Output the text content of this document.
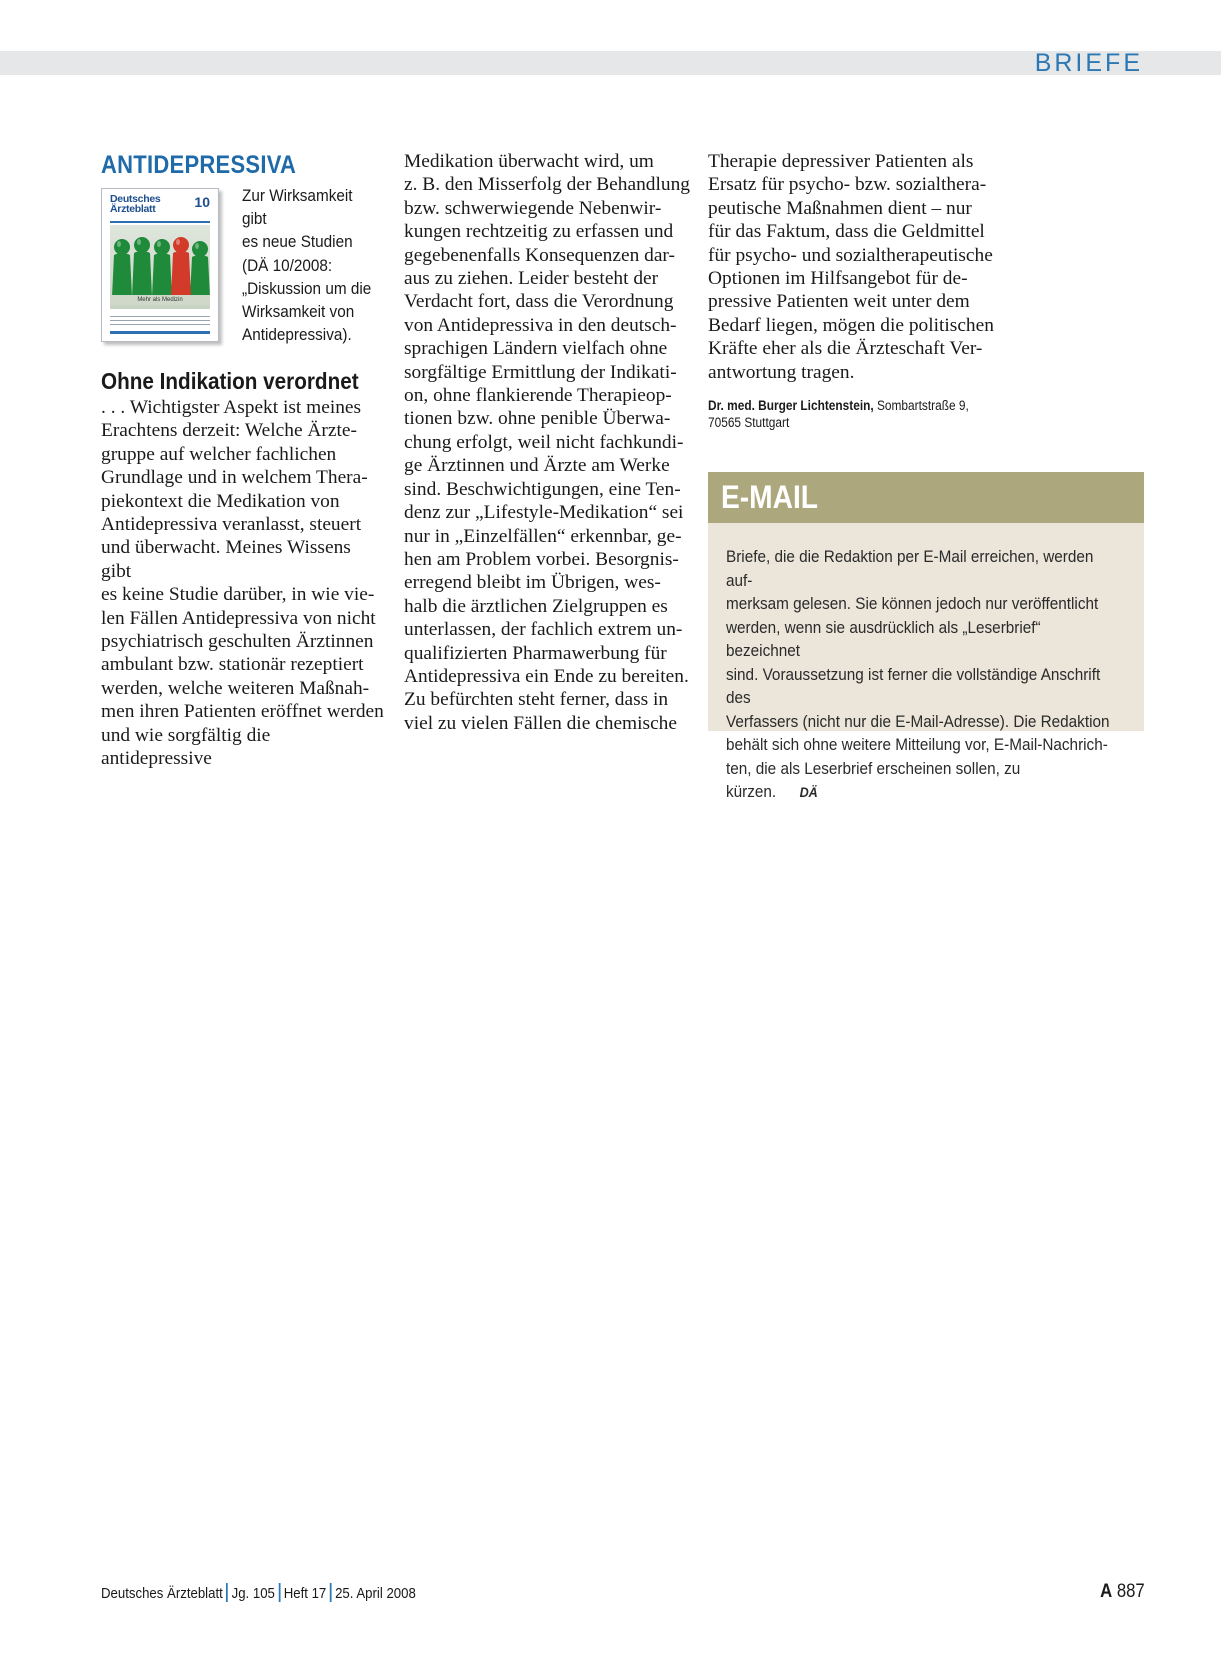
BRIEFE
ANTIDEPRESSIVA
Deutsches
Ärzteblatt	10
Mehr als Medizin

Zur Wirksamkeit gibt
es neue Studien
(DÄ 10/2008:
„Diskussion um die
Wirksamkeit von
Antidepressiva).

Ohne Indikation verordnet

. . . Wichtigster Aspekt ist meines
Erachtens derzeit: Welche Ärzte-
gruppe auf welcher fachlichen
Grundlage und in welchem Thera-
piekontext die Medikation von
Antidepressiva veranlasst, steuert
und überwacht. Meines Wissens gibt
es keine Studie darüber, in wie vie-
len Fällen Antidepressiva von nicht
psychiatrisch geschulten Ärztinnen
ambulant bzw. stationär rezeptiert
werden, welche weiteren Maßnah-
men ihren Patienten eröffnet werden
und wie sorgfältig die antidepressive

Medikation überwacht wird, um
z. B. den Misserfolg der Behandlung
bzw. schwerwiegende Nebenwir-
kungen rechtzeitig zu erfassen und
gegebenenfalls Konsequenzen dar-
aus zu ziehen. Leider besteht der
Verdacht fort, dass die Verordnung
von Antidepressiva in den deutsch-
sprachigen Ländern vielfach ohne
sorgfältige Ermittlung der Indikati-
on, ohne flankierende Therapieop-
tionen bzw. ohne penible Überwa-
chung erfolgt, weil nicht fachkundi-
ge Ärztinnen und Ärzte am Werke
sind. Beschwichtigungen, eine Ten-
denz zur „Lifestyle-Medikation“ sei
nur in „Einzelfällen“ erkennbar, ge-
hen am Problem vorbei. Besorgnis-
erregend bleibt im Übrigen, wes-
halb die ärztlichen Zielgruppen es
unterlassen, der fachlich extrem un-
qualifizierten Pharmawerbung für
Antidepressiva ein Ende zu bereiten.
Zu befürchten steht ferner, dass in
viel zu vielen Fällen die chemische

Therapie depressiver Patienten als
Ersatz für psycho- bzw. sozialthera-
peutische Maßnahmen dient – nur
für das Faktum, dass die Geldmittel
für psycho- und sozialtherapeutische
Optionen im Hilfsangebot für de-
pressive Patienten weit unter dem
Bedarf liegen, mögen die politischen
Kräfte eher als die Ärzteschaft Ver-
antwortung tragen.

Dr. med. Burger Lichtenstein, Sombartstraße 9,
70565 Stuttgart

E-MAIL

Briefe, die die Redaktion per E-Mail erreichen, werden auf-
merksam gelesen. Sie können jedoch nur veröffentlicht
werden, wenn sie ausdrücklich als „Leserbrief“ bezeichnet
sind. Voraussetzung ist ferner die vollständige Anschrift des
Verfassers (nicht nur die E-Mail-Adresse). Die Redaktion
behält sich ohne weitere Mitteilung vor, E-Mail-Nachrich-
ten, die als Leserbrief erscheinen sollen, zu kürzen. DÄ

Deutsches Ärzteblatt Jg. 105 Heft 17 25. April 2008	A 887
